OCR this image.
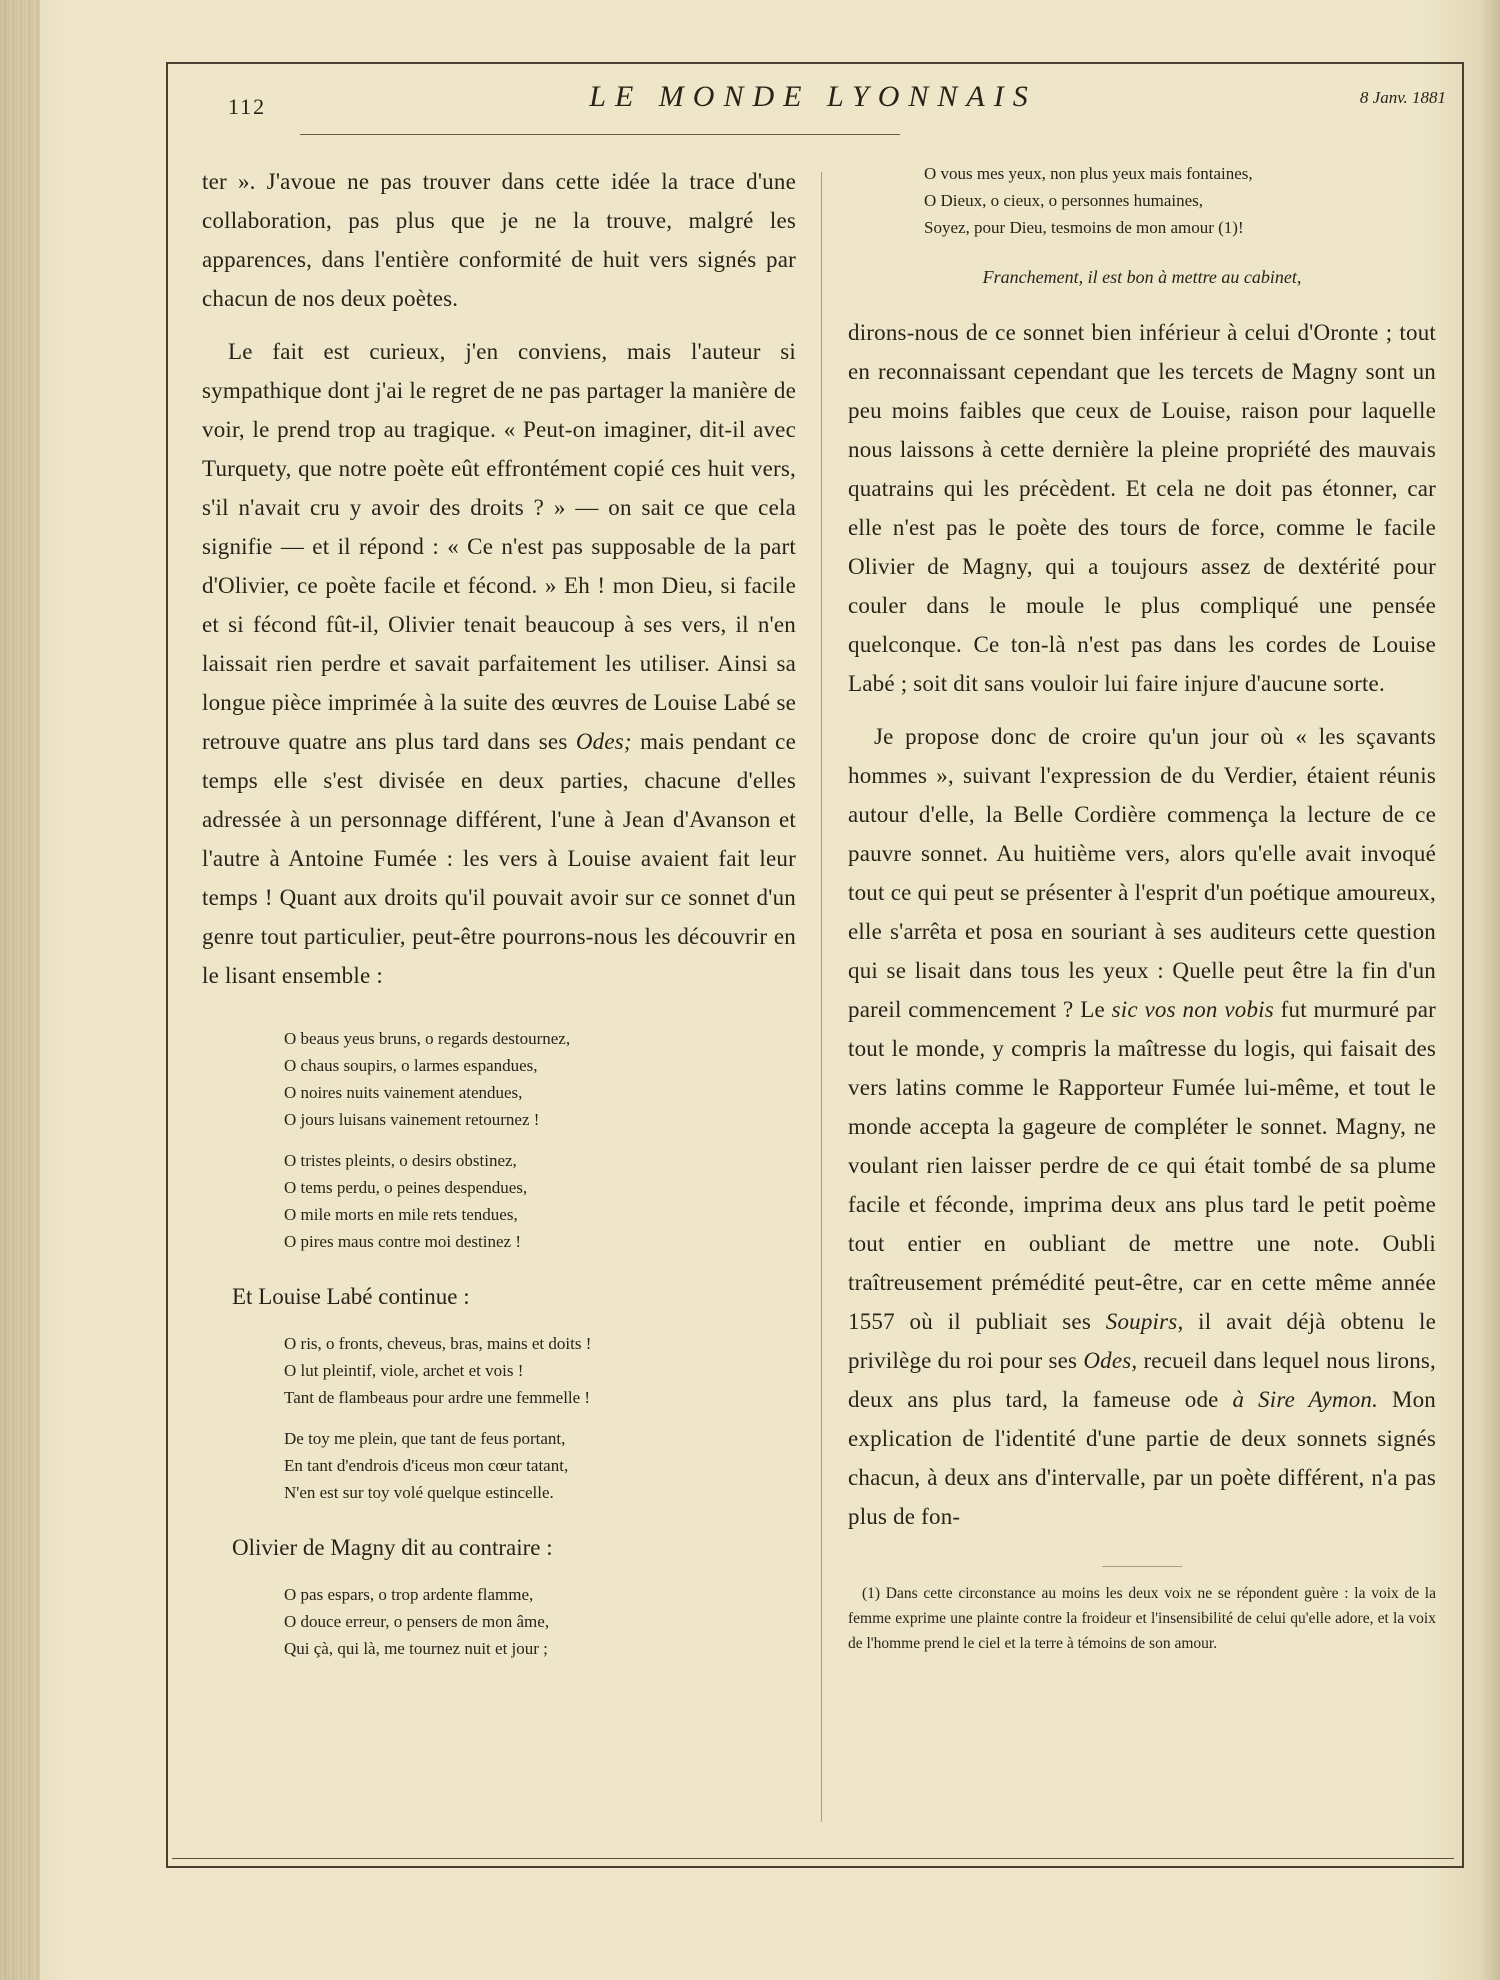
112	LE MONDE LYONNAIS	8 Janv. 1881

ter ». J'avoue ne pas trouver dans cette idée la trace d'une collaboration, pas plus que je ne la trouve, malgré les apparences, dans l'entière conformité de huit vers signés par chacun de nos deux poètes.

Le fait est curieux, j'en conviens, mais l'auteur si sympathique dont j'ai le regret de ne pas partager la manière de voir, le prend trop au tragique. « Peut-on imaginer, dit-il avec Turquety, que notre poète eût effrontément copié ces huit vers, s'il n'avait cru y avoir des droits ? » — on sait ce que cela signifie — et il répond : « Ce n'est pas supposable de la part d'Olivier, ce poète facile et fécond. » Eh ! mon Dieu, si facile et si fécond fût-il, Olivier tenait beaucoup à ses vers, il n'en laissait rien perdre et savait parfaitement les utiliser. Ainsi sa longue pièce imprimée à la suite des œuvres de Louise Labé se retrouve quatre ans plus tard dans ses Odes; mais pendant ce temps elle s'est divisée en deux parties, chacune d'elles adressée à un personnage différent, l'une à Jean d'Avanson et l'autre à Antoine Fumée : les vers à Louise avaient fait leur temps ! Quant aux droits qu'il pouvait avoir sur ce sonnet d'un genre tout particulier, peut-être pourrons-nous les découvrir en le lisant ensemble :

O beaus yeus bruns, o regards destournez,
O chaus soupirs, o larmes espandues,
O noires nuits vainement atendues,
O jours luisans vainement retournez !
O tristes pleints, o desirs obstinez,
O tems perdu, o peines despendues,
O mile morts en mile rets tendues,
O pires maus contre moi destinez !

Et Louise Labé continue :

O ris, o fronts, cheveus, bras, mains et doits !
O lut pleintif, viole, archet et vois !
Tant de flambeaus pour ardre une femmelle !
De toy me plein, que tant de feus portant,
En tant d'endrois d'iceus mon cœur tatant,
N'en est sur toy volé quelque estincelle.

Olivier de Magny dit au contraire :

O pas espars, o trop ardente flamme,
O douce erreur, o pensers de mon âme,
Qui çà, qui là, me tournez nuit et jour ;
O vous mes yeux, non plus yeux mais fontaines,
O Dieux, o cieux, o personnes humaines,
Soyez, pour Dieu, tesmoins de mon amour (1)!

Franchement, il est bon à mettre au cabinet,

dirons-nous de ce sonnet bien inférieur à celui d'Oronte ; tout en reconnaissant cependant que les tercets de Magny sont un peu moins faibles que ceux de Louise, raison pour laquelle nous laissons à cette dernière la pleine propriété des mauvais quatrains qui les précèdent. Et cela ne doit pas étonner, car elle n'est pas le poète des tours de force, comme le facile Olivier de Magny, qui a toujours assez de dextérité pour couler dans le moule le plus compliqué une pensée quelconque. Ce ton-là n'est pas dans les cordes de Louise Labé ; soit dit sans vouloir lui faire injure d'aucune sorte.

Je propose donc de croire qu'un jour où « les sçavants hommes », suivant l'expression de du Verdier, étaient réunis autour d'elle, la Belle Cordière commença la lecture de ce pauvre sonnet. Au huitième vers, alors qu'elle avait invoqué tout ce qui peut se présenter à l'esprit d'un poétique amoureux, elle s'arrêta et posa en souriant à ses auditeurs cette question qui se lisait dans tous les yeux : Quelle peut être la fin d'un pareil commencement ? Le sic vos non vobis fut murmuré par tout le monde, y compris la maîtresse du logis, qui faisait des vers latins comme le Rapporteur Fumée lui-même, et tout le monde accepta la gageure de compléter le sonnet. Magny, ne voulant rien laisser perdre de ce qui était tombé de sa plume facile et féconde, imprima deux ans plus tard le petit poème tout entier en oubliant de mettre une note. Oubli traîtreusement prémédité peut-être, car en cette même année 1557 où il publiait ses Soupirs, il avait déjà obtenu le privilège du roi pour ses Odes, recueil dans lequel nous lirons, deux ans plus tard, la fameuse ode à Sire Aymon. Mon explication de l'identité d'une partie de deux sonnets signés chacun, à deux ans d'intervalle, par un poète différent, n'a pas plus de fon-

(1) Dans cette circonstance au moins les deux voix ne se répondent guère : la voix de la femme exprime une plainte contre la froideur et l'insensibilité de celui qu'elle adore, et la voix de l'homme prend le ciel et la terre à témoins de son amour.
